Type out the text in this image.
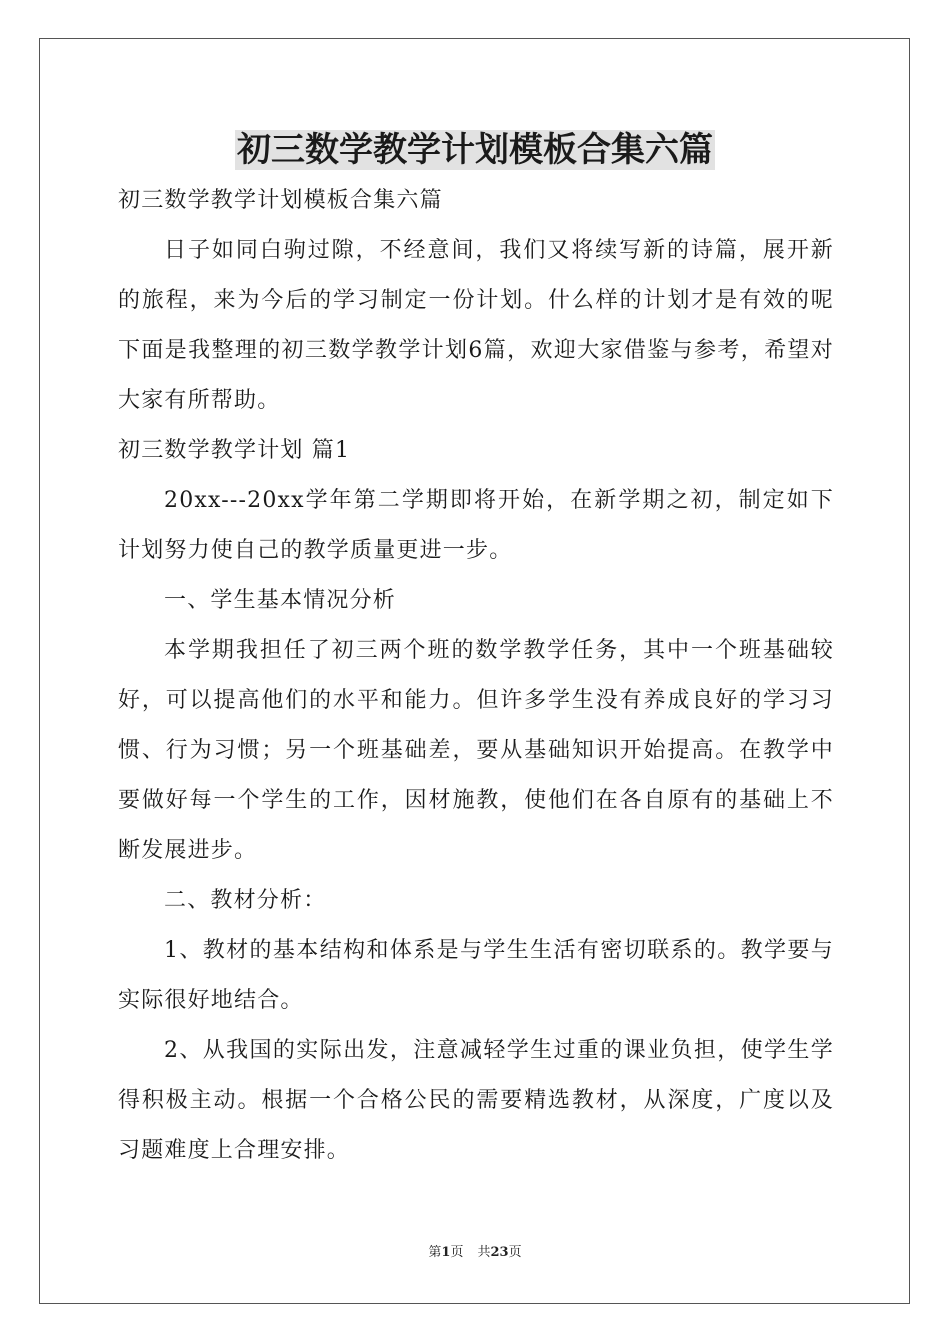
初三数学教学计划模板合集六篇

初三数学教学计划模板合集六篇

日子如同白驹过隙，不经意间，我们又将续写新的诗篇，展开新的旅程，来为今后的学习制定一份计划。什么样的计划才是有效的呢下面是我整理的初三数学教学计划6篇，欢迎大家借鉴与参考，希望对大家有所帮助。

初三数学教学计划 篇1

20xx---20xx学年第二学期即将开始，在新学期之初，制定如下计划努力使自己的教学质量更进一步。

一、学生基本情况分析

本学期我担任了初三两个班的数学教学任务，其中一个班基础较好，可以提高他们的水平和能力。但许多学生没有养成良好的学习习惯、行为习惯；另一个班基础差，要从基础知识开始提高。在教学中要做好每一个学生的工作，因材施教，使他们在各自原有的基础上不断发展进步。

二、教材分析：

1、教材的基本结构和体系是与学生生活有密切联系的。教学要与实际很好地结合。

2、从我国的实际出发，注意减轻学生过重的课业负担，使学生学得积极主动。根据一个合格公民的需要精选教材，从深度，广度以及习题难度上合理安排。

第1页 共23页
